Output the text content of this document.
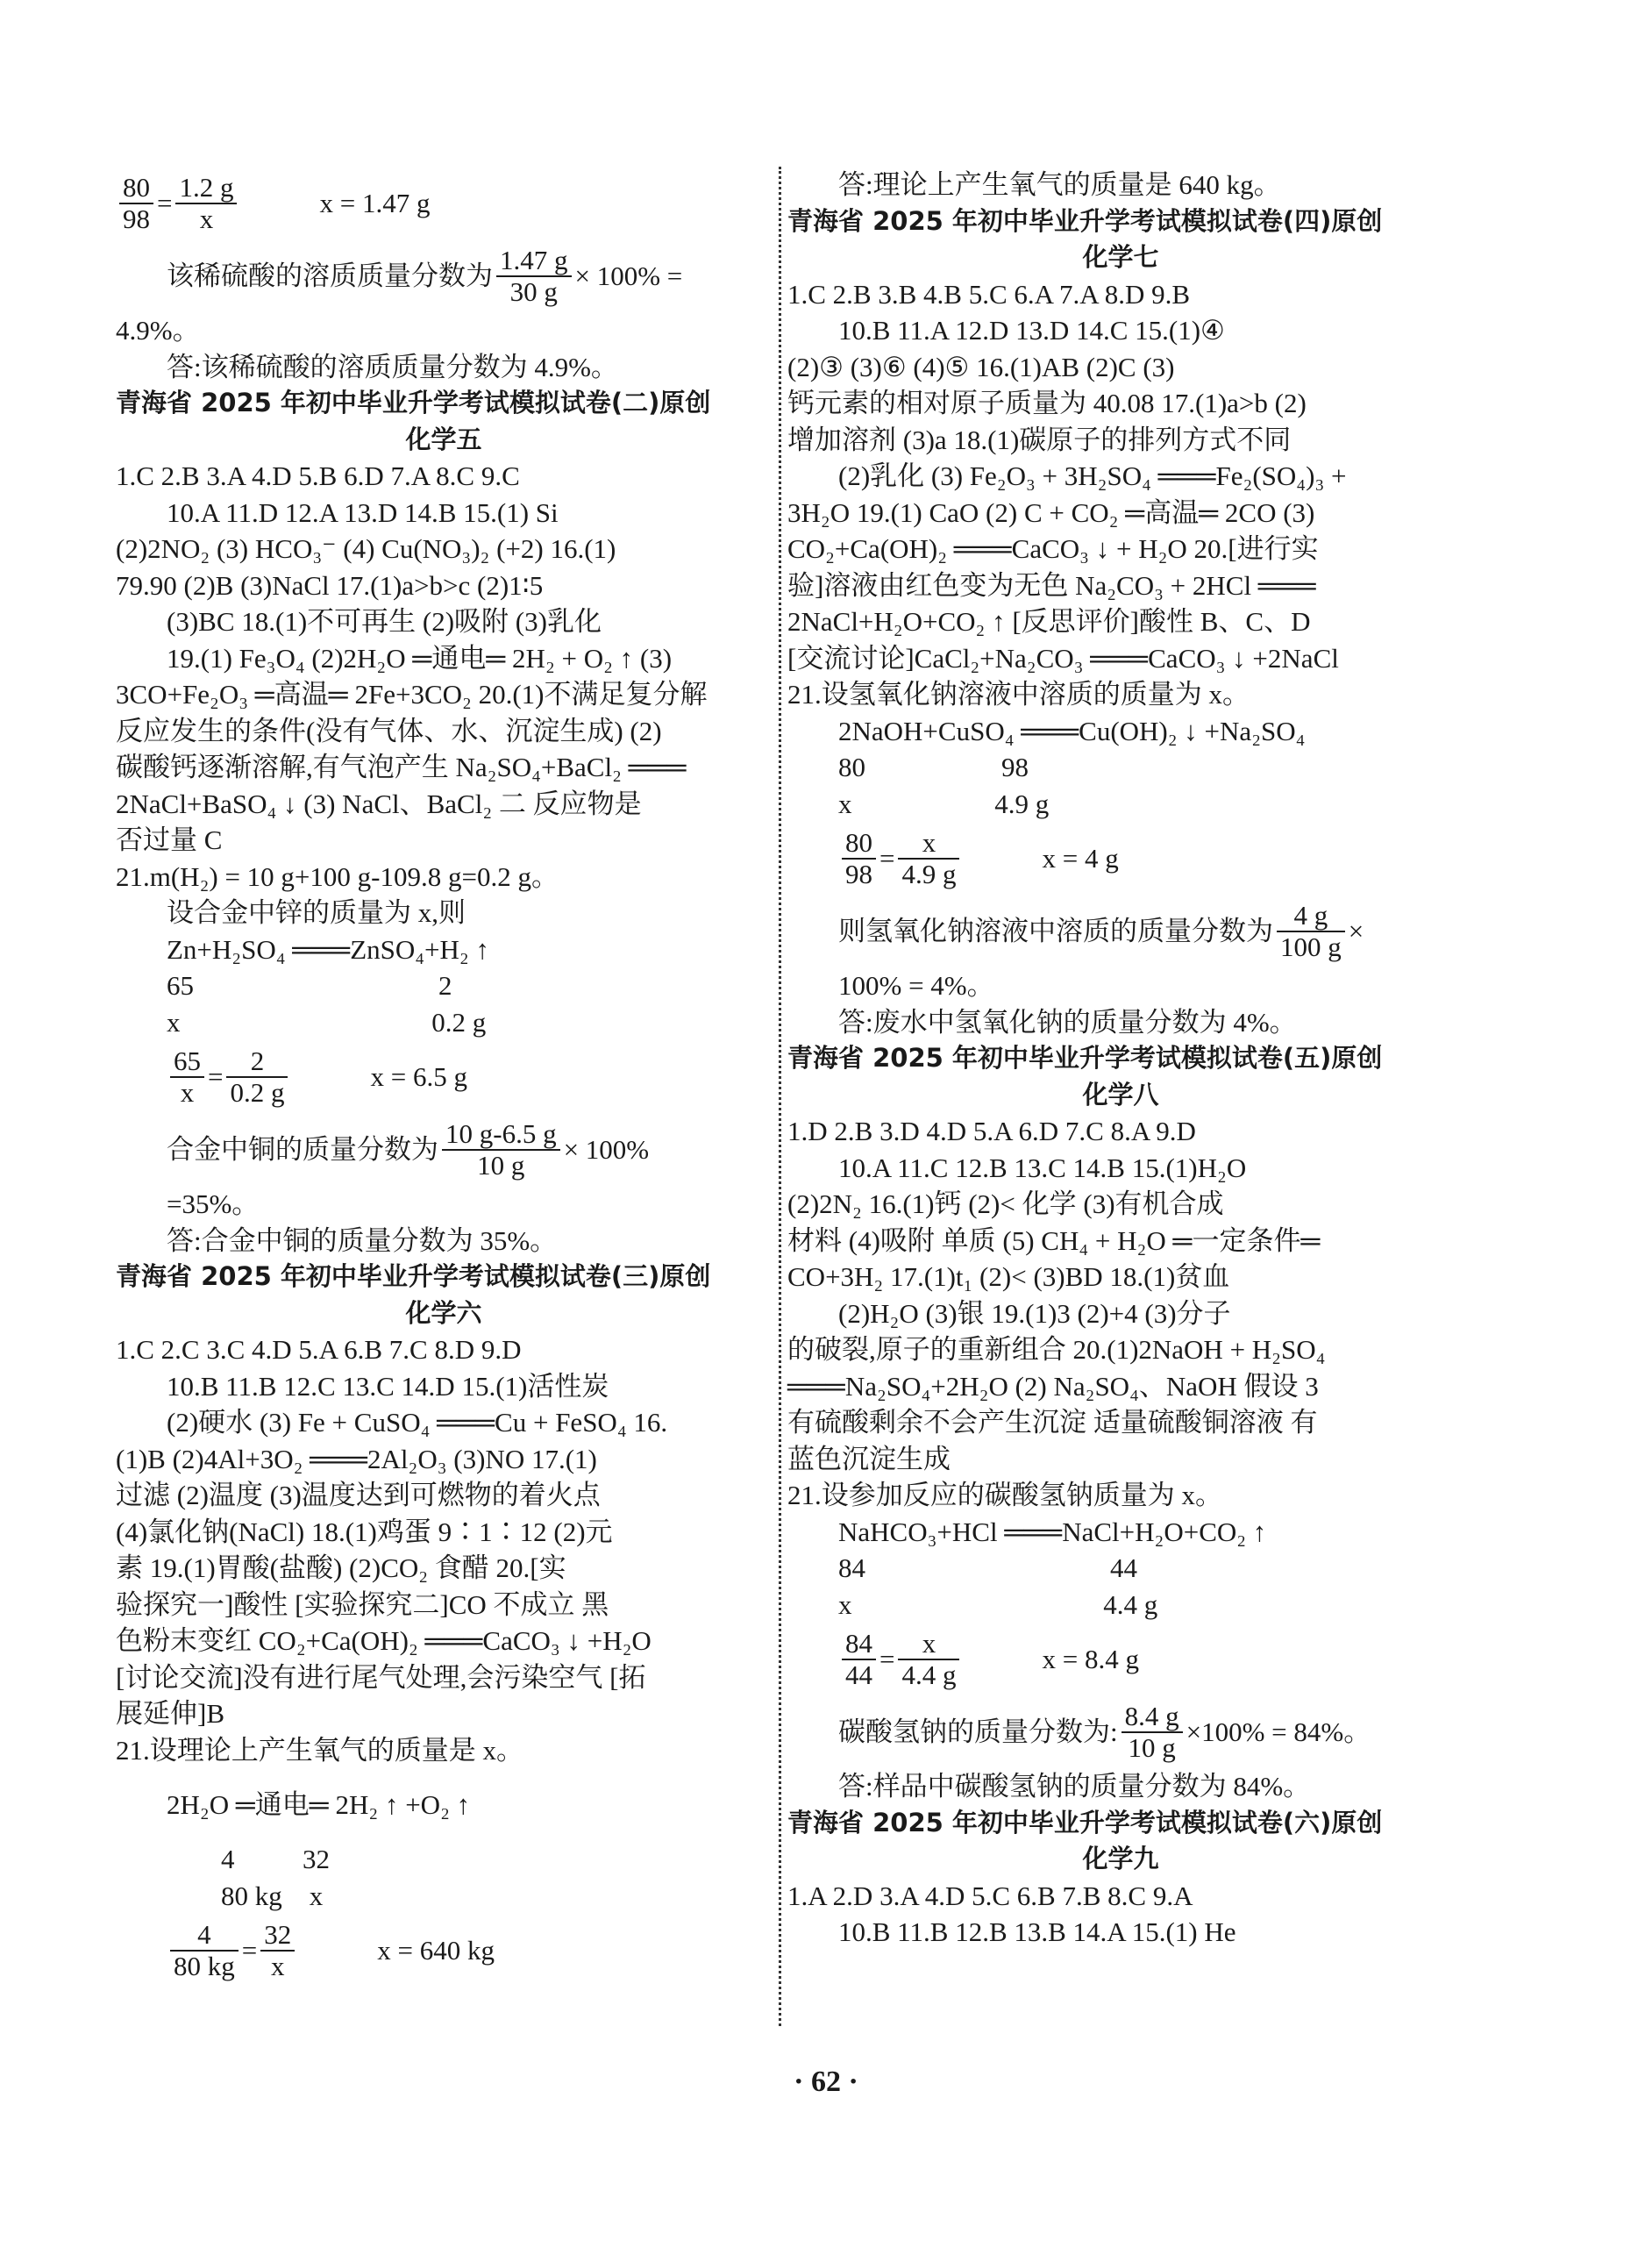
$\frac{80}{98} = \frac{1.2 g}{x}$	x = 1.47 g
该稀硫酸的溶质质量分数为 $\frac{1.47 g}{30 g} \times 100\%$ =
4.9%。
答:该稀硫酸的溶质质量分数为 4.9%。
青海省 2025 年初中毕业升学考试模拟试卷(二)原创
化学五
1.C 2.B 3.A 4.D 5.B 6.D 7.A 8.C 9.C
10.A 11.D 12.A 13.D 14.B 15.(1) Si
(2)2NO₂ (3) HCO₃⁻ (4) Cu(NO₃)₂ (+2) 16.(1)
79.90 (2)B (3)NaCl 17.(1)a>b>c (2)1∶5
(3)BC 18.(1)不可再生 (2)吸附 (3)乳化
19.(1) Fe₃O₄ (2)2H₂O ═通电═ 2H₂ + O₂ ↑ (3)
3CO+Fe₂O₃ ═高温═ 2Fe+3CO₂ 20.(1)不满足复分解
反应发生的条件(没有气体、水、沉淀生成) (2)
碳酸钙逐渐溶解,有气泡产生 Na₂SO₄+BaCl₂ ═══
2NaCl+BaSO₄ ↓ (3) NaCl、BaCl₂ 二 反应物是
否过量 C
21.m(H₂) = 10 g+100 g-109.8 g=0.2 g。
设合金中锌的质量为 x,则
Zn+H₂SO₄ ═══ZnSO₄+H₂ ↑
65                                    2
x                                     0.2 g
$\frac{65}{x} = \frac{2}{0.2 g}$	x = 6.5 g
合金中铜的质量分数为 $\frac{10 g-6.5 g}{10 g} \times 100\%$
=35%。
答:合金中铜的质量分数为 35%。
青海省 2025 年初中毕业升学考试模拟试卷(三)原创
化学六
1.C 2.C 3.C 4.D 5.A 6.B 7.C 8.D 9.D
10.B 11.B 12.C 13.C 14.D 15.(1)活性炭
(2)硬水 (3) Fe + CuSO₄ ═══Cu + FeSO₄ 16.
(1)B (2)4Al+3O₂ ═══2Al₂O₃ (3)NO 17.(1)
过滤 (2)温度 (3)温度达到可燃物的着火点
(4)氯化钠(NaCl) 18.(1)鸡蛋 9∶1∶12 (2)元
素 19.(1)胃酸(盐酸) (2)CO₂ 食醋 20.[实
验探究一]酸性 [实验探究二]CO 不成立 黑
色粉末变红 CO₂+Ca(OH)₂ ═══CaCO₃ ↓ +H₂O
[讨论交流]没有进行尾气处理,会污染空气 [拓
展延伸]B
21.设理论上产生氧气的质量是 x。
2H₂O ═通电═ 2H₂ ↑ +O₂ ↑
4          32
80 kg    x
$\frac{4}{80 kg} = \frac{32}{x}$	x = 640 kg
答:理论上产生氧气的质量是 640 kg。
青海省 2025 年初中毕业升学考试模拟试卷(四)原创
化学七
1.C 2.B 3.B 4.B 5.C 6.A 7.A 8.D 9.B
10.B 11.A 12.D 13.D 14.C 15.(1)④
(2)③ (3)⑥ (4)⑤ 16.(1)AB (2)C (3)
钙元素的相对原子质量为 40.08 17.(1)a>b (2)
增加溶剂 (3)a 18.(1)碳原子的排列方式不同
(2)乳化 (3) Fe₂O₃ + 3H₂SO₄ ═══Fe₂(SO₄)₃ +
3H₂O 19.(1) CaO (2) C + CO₂ ═高温═ 2CO (3)
CO₂+Ca(OH)₂ ═══CaCO₃ ↓ + H₂O 20.[进行实
验]溶液由红色变为无色 Na₂CO₃ + 2HCl ═══
2NaCl+H₂O+CO₂ ↑ [反思评价]酸性 B、C、D
[交流讨论]CaCl₂+Na₂CO₃ ═══CaCO₃ ↓ +2NaCl
21.设氢氧化钠溶液中溶质的质量为 x。
2NaOH+CuSO₄ ═══Cu(OH)₂ ↓ +Na₂SO₄
80                    98
x                     4.9 g
$\frac{80}{98} = \frac{x}{4.9 g}$	x = 4 g
则氢氧化钠溶液中溶质的质量分数为 $\frac{4 g}{100 g}$ ×
100% = 4%。
答:废水中氢氧化钠的质量分数为 4%。
青海省 2025 年初中毕业升学考试模拟试卷(五)原创
化学八
1.D 2.B 3.D 4.D 5.A 6.D 7.C 8.A 9.D
10.A 11.C 12.B 13.C 14.B 15.(1)H₂O
(2)2N₂ 16.(1)钙 (2)< 化学 (3)有机合成
材料 (4)吸附 单质 (5) CH₄ + H₂O ═一定条件═
CO+3H₂ 17.(1)t₁ (2)< (3)BD 18.(1)贫血
(2)H₂O (3)银 19.(1)3 (2)+4 (3)分子
的破裂,原子的重新组合 20.(1)2NaOH + H₂SO₄
═══Na₂SO₄+2H₂O (2) Na₂SO₄、NaOH 假设 3
有硫酸剩余不会产生沉淀 适量硫酸铜溶液 有
蓝色沉淀生成
21.设参加反应的碳酸氢钠质量为 x。
NaHCO₃+HCl ═══NaCl+H₂O+CO₂ ↑
84                                    44
x                                     4.4 g
$\frac{84}{44} = \frac{x}{4.4 g}$	x = 8.4 g
碳酸氢钠的质量分数为: $\frac{8.4 g}{10 g} \times 100\% = 84\%$。
答:样品中碳酸氢钠的质量分数为 84%。
青海省 2025 年初中毕业升学考试模拟试卷(六)原创
化学九
1.A 2.D 3.A 4.D 5.C 6.B 7.B 8.C 9.A
10.B 11.B 12.B 13.B 14.A 15.(1) He
· 62 ·
